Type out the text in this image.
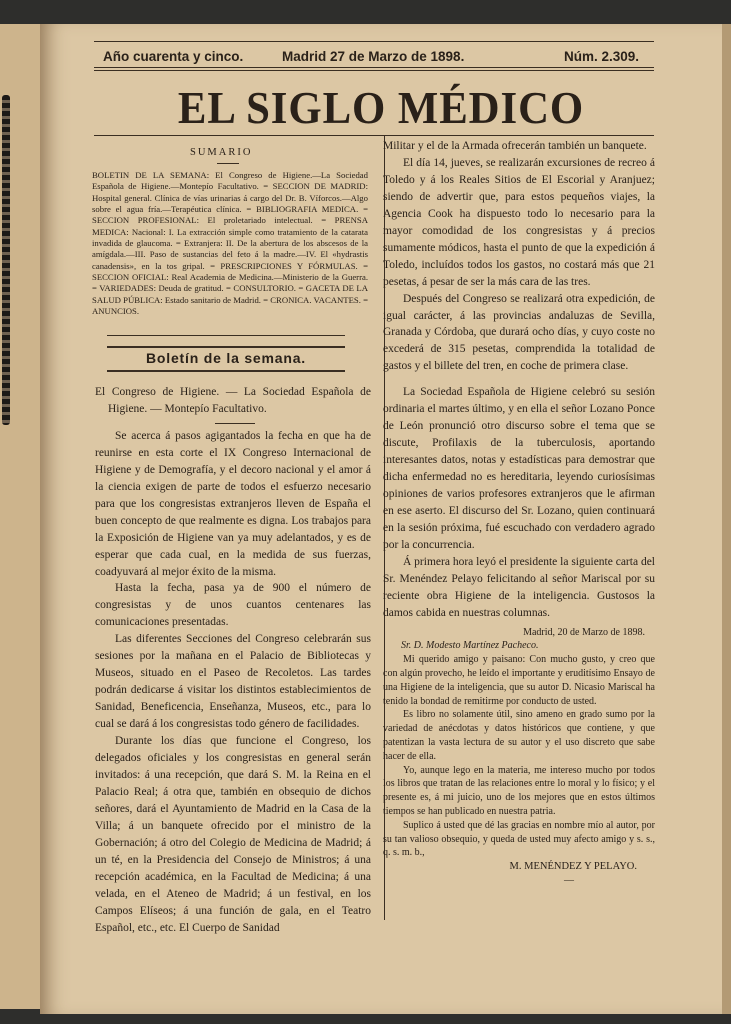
Año cuarenta y cinco.	Madrid 27 de Marzo de 1898.	Núm. 2.309.
EL SIGLO MÉDICO
SUMARIO
BOLETIN DE LA SEMANA: El Congreso de Higiene.—La Sociedad Española de Higiene.—Montepío Facultativo. = SECCION DE MADRID: Hospital general. Clínica de vías urinarias á cargo del Dr. B. Víforcos.—Algo sobre el agua fría.—Terapéutica clínica. = BIBLIOGRAFIA MEDICA. = SECCION PROFESIONAL: El proletariado intelectual. = PRENSA MEDICA: Nacional: I. La extracción simple como tratamiento de la catarata invadida de glaucoma. = Extranjera: II. De la abertura de los abscesos de la amígdala.—III. Paso de sustancias del feto á la madre.—IV. El «hydrastis canadensis», en la tos gripal. = PRESCRIPCIONES Y FÓRMULAS. = SECCION OFICIAL: Real Academia de Medicina.—Ministerio de la Guerra. = VARIEDADES: Deuda de gratitud. = CONSULTORIO. = GACETA DE LA SALUD PÚBLICA: Estado sanitario de Madrid. = CRONICA. VACANTES. = ANUNCIOS.
Boletín de la semana.

El Congreso de Higiene. — La Sociedad Española de Higiene. — Montepío Facultativo.

Se acerca á pasos agigantados la fecha en que ha de reunirse en esta corte el IX Congreso Internacional de Higiene y de Demografía, y el decoro nacional y el amor á la ciencia exigen de parte de todos el esfuerzo necesario para que los congresistas extranjeros lleven de España el buen concepto de que realmente es digna. Los trabajos para la Exposición de Higiene van ya muy adelantados, y es de esperar que cada cual, en la medida de sus fuerzas, coadyuvará al mejor éxito de la misma.

Hasta la fecha, pasa ya de 900 el número de congresistas y de unos cuantos centenares las comunicaciones presentadas.

Las diferentes Secciones del Congreso celebrarán sus sesiones por la mañana en el Palacio de Bibliotecas y Museos, situado en el Paseo de Recoletos. Las tardes podrán dedicarse á visitar los distintos establecimientos de Sanidad, Beneficencia, Enseñanza, Museos, etc., para lo cual se dará á los congresistas todo género de facilidades.

Durante los días que funcione el Congreso, los delegados oficiales y los congresistas en general serán invitados: á una recepción, que dará S. M. la Reina en el Palacio Real; á otra que, también en obsequio de dichos señores, dará el Ayuntamiento de Madrid en la Casa de la Villa; á un banquete ofrecido por el ministro de la Gobernación; á otro del Colegio de Medicina de Madrid; á un té, en la Presidencia del Consejo de Ministros; á una recepción académica, en la Facultad de Medicina; á una velada, en el Ateneo de Madrid; á un festival, en los Campos Elíseos; á una función de gala, en el Teatro Español, etc., etc. El Cuerpo de Sanidad

Militar y el de la Armada ofrecerán también un banquete.

El día 14, jueves, se realizarán excursiones de recreo á Toledo y á los Reales Sitios de El Escorial y Aranjuez; siendo de advertir que, para estos pequeños viajes, la Agencia Cook ha dispuesto todo lo necesario para la mayor comodidad de los congresistas y á precios sumamente módicos, hasta el punto de que la expedición á Toledo, incluídos todos los gastos, no costará más que 21 pesetas, á pesar de ser la más cara de las tres.

Después del Congreso se realizará otra expedición, de igual carácter, á las provincias andaluzas de Sevilla, Granada y Córdoba, que durará ocho días, y cuyo coste no excederá de 315 pesetas, comprendida la totalidad de gastos y el billete del tren, en coche de primera clase.

La Sociedad Española de Higiene celebró su sesión ordinaria el martes último, y en ella el señor Lozano Ponce de León pronunció otro discurso sobre el tema que se discute, Profilaxis de la tuberculosis, aportando interesantes datos, notas y estadísticas para demostrar que dicha enfermedad no es hereditaria, leyendo curiosísimas opiniones de varios profesores extranjeros que le afirman en ese aserto. El discurso del Sr. Lozano, quien continuará en la sesión próxima, fué escuchado con verdadero agrado por la concurrencia.

Á primera hora leyó el presidente la siguiente carta del Sr. Menéndez Pelayo felicitando al señor Mariscal por su reciente obra Higiene de la inteligencia. Gustosos la damos cabida en nuestras columnas.

Madrid, 20 de Marzo de 1898.

Sr. D. Modesto Martínez Pacheco.

Mi querido amigo y paisano: Con mucho gusto, y creo que con algún provecho, he leído el importante y eruditísimo Ensayo de una Higiene de la inteligencia, que su autor D. Nicasio Mariscal ha tenido la bondad de remitirme por conducto de usted.

Es libro no solamente útil, sino ameno en grado sumo por la variedad de anécdotas y datos históricos que contiene, y que patentizan la vasta lectura de su autor y el uso discreto que sabe hacer de ella.

Yo, aunque lego en la materia, me intereso mucho por todos los libros que tratan de las relaciones entre lo moral y lo físico; y el presente es, á mi juicio, uno de los mejores que en estos últimos tiempos se han publicado en nuestra patria.

Suplico á usted que dé las gracias en nombre mío al autor, por su tan valioso obsequio, y queda de usted muy afecto amigo y s. s., q. s. m. b.,

M. MENÉNDEZ Y PELAYO.

—
